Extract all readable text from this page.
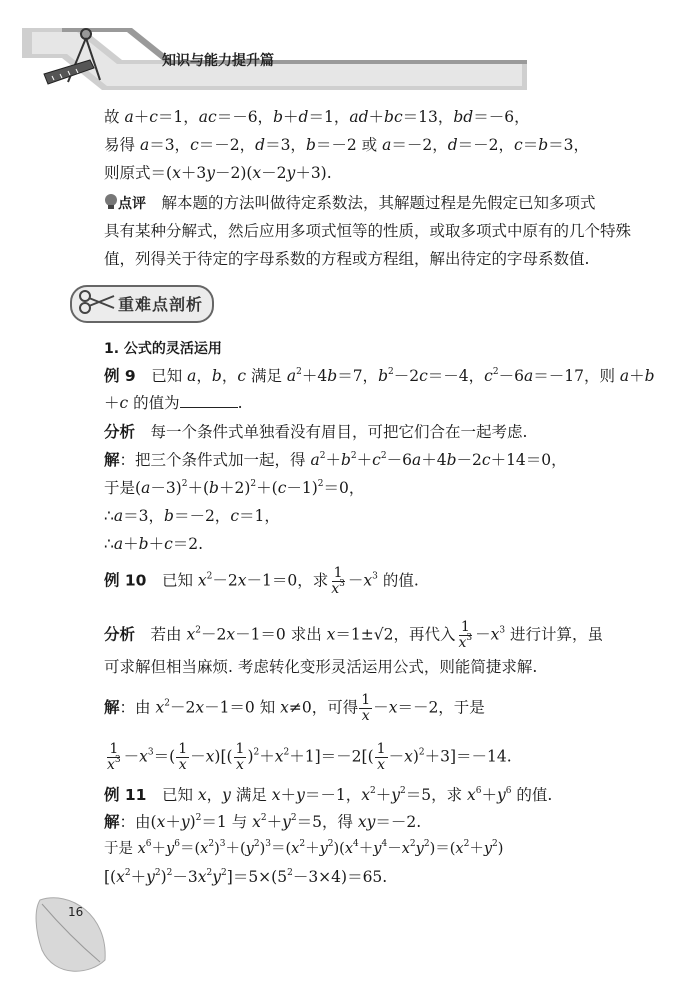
知识与能力提升篇
故 a＋c＝1，ac＝－6，b＋d＝1，ad＋bc＝13，bd＝－6，
易得 a＝3，c＝－2，d＝3，b＝－2 或 a＝－2，d＝－2，c＝b＝3，
则原式＝(x＋3y－2)(x－2y＋3).
点评　 解本题的方法叫做待定系数法，其解题过程是先假定已知多项式
具有某种分解式，然后应用多项式恒等的性质，或取多项式中原有的几个特殊
值，列得关于待定的字母系数的方程或方程组，解出待定的字母系数值.
重难点剖析
1. 公式的灵活运用
例 9　已知 a，b，c 满足 $a^2+4b=7$，$b^2-2c=-4$，$c^2-6a=-17$，则 a＋b
＋c 的值为	.
分析　 每一个条件式单独看没有眉目，可把它们合在一起考虑.
解：把三个条件式加一起，得 $a^2+b^2+c^2-6a+4b-2c+14=0$，
于是$(a-3)^2+(b+2)^2+(c-1)^2=0$，
∴a＝3，b＝－2，c＝1，
∴a＋b＋c＝2.
例 10　已知 $x^2-2x-1=0$，求 $\frac{1}{x^3} -x^3$ 的值.
分析　若由 $x^2-2x-1=0$ 求出 x＝1±√2，再代入 $\frac{1}{x^3} -x^3$ 进行计算，虽
可求解但相当麻烦. 考虑转化变形灵活运用公式，则能简捷求解.
解：由 $x^2-2x-1=0$ 知 x≠0，可得 $\frac{1}{x} -x=-2$，于是
$\frac{1}{x^3} -x^3=( \frac{1}{x} -x)[( \frac{1}{x} )^2+x^2+1]=-2[( \frac{1}{x} -x)^2+3]=-14$.
例 11　已知 x，y 满足 x＋y＝－1，$x^2+y^2=5$，求 $x^6+y^6$ 的值.
解：由$(x+y)^2=1$ 与 $x^2+y^2=5$，得 xy＝－2.
于是 $x^6+y^6=(x^2)^3+(y^2)^3=(x^2+y^2)(x^4+y^4-x^2y^2)=(x^2+y^2)$
$[(x^2+y^2)^2-3x^2y^2]=5\times(5^2-3\times 4)=65$.
16
